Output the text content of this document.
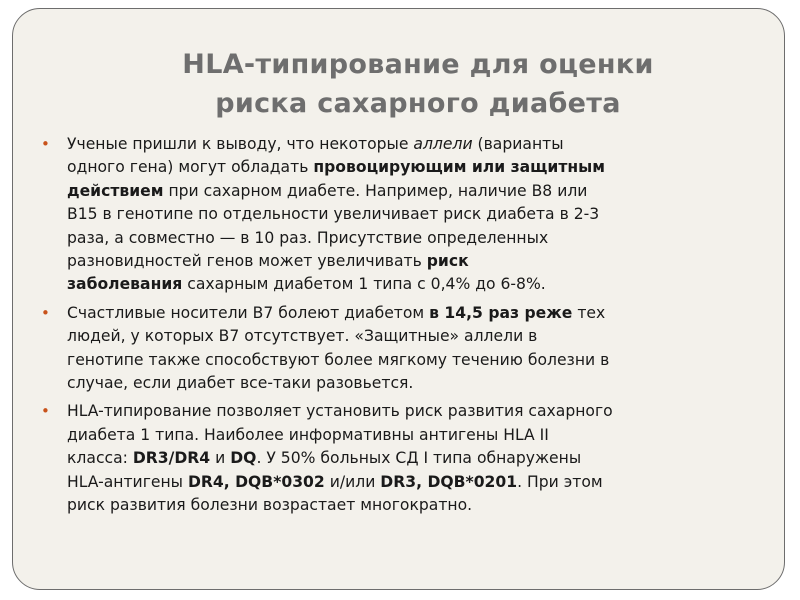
HLA-типирование для оценки
риска сахарного диабета
• Ученые пришли к выводу, что некоторые аллели (варианты
одного гена) могут обладать провоцирующим или защитным
действием при сахарном диабете. Например, наличие В8 или
В15 в генотипе по отдельности увеличивает риск диабета в 2-3
раза, а совместно — в 10 раз. Присутствие определенных
разновидностей генов может увеличивать риск
заболевания сахарным диабетом 1 типа с 0,4% до 6-8%.
• Счастливые носители В7 болеют диабетом в 14,5 раз реже тех
людей, у которых В7 отсутствует. «Защитные» аллели в
генотипе также способствуют более мягкому течению болезни в
случае, если диабет все-таки разовьется.
• HLA-типирование позволяет установить риск развития сахарного
диабета 1 типа. Наиболее информативны антигены HLA II
класса: DR3/DR4 и DQ. У 50% больных СД I типа обнаружены
HLA-антигены DR4, DQB*0302 и/или DR3, DQB*0201. При этом
риск развития болезни возрастает многократно.
